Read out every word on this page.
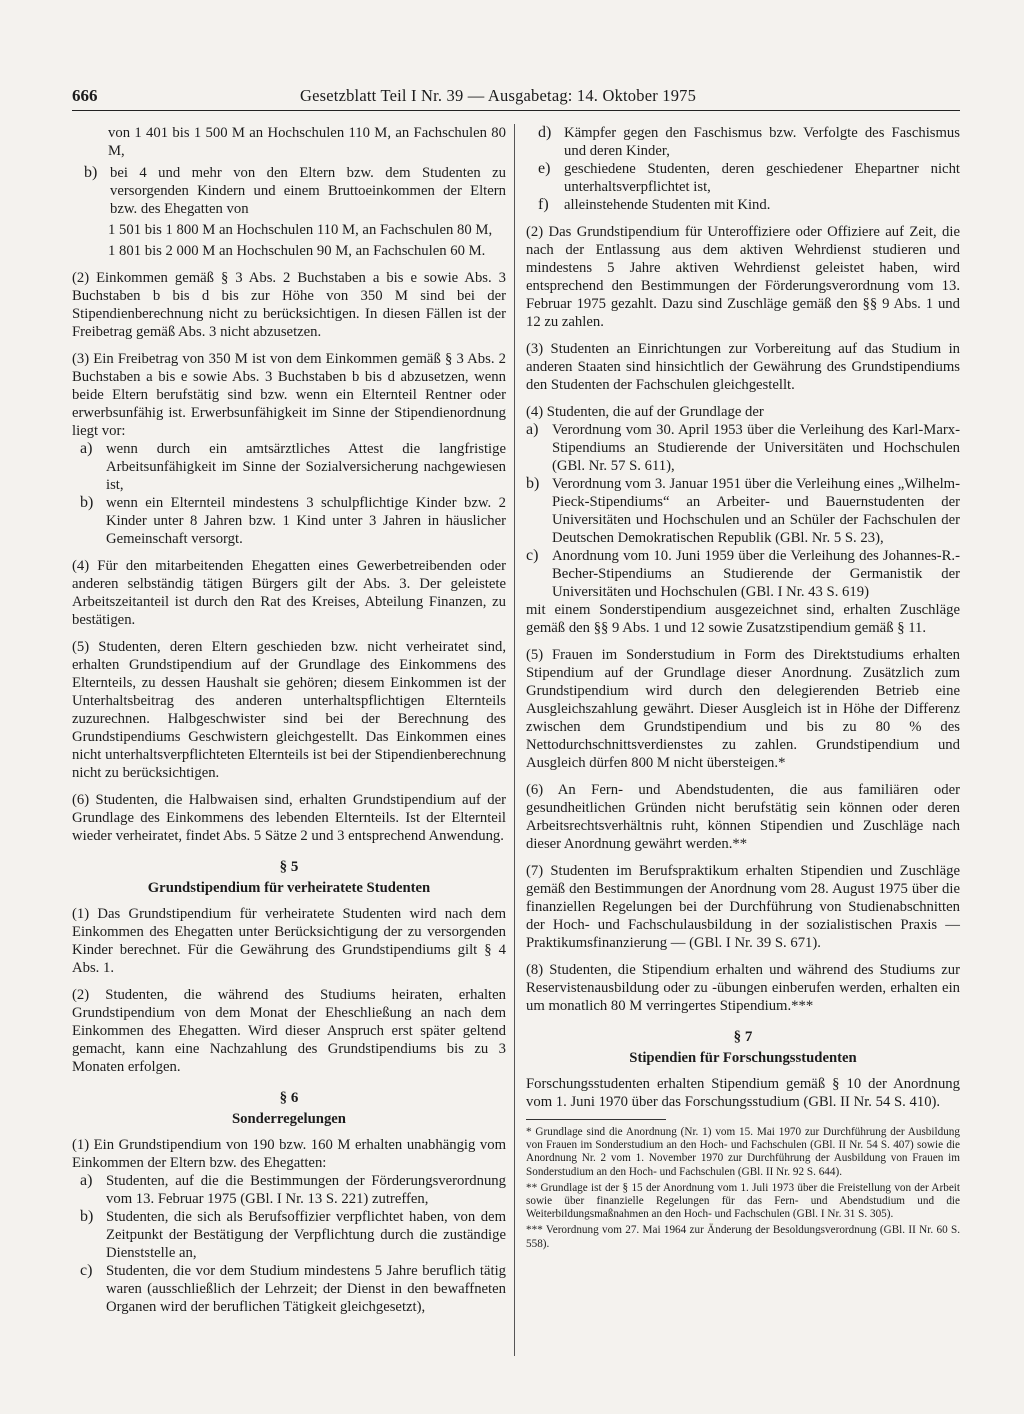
666	Gesetzblatt Teil I Nr. 39 — Ausgabetag: 14. Oktober 1975

von 1 401 bis 1 500 M an Hochschulen 110 M, an Fachschulen 80 M,

b) bei 4 und mehr von den Eltern bzw. dem Studenten zu versorgenden Kindern und einem Bruttoeinkommen der Eltern bzw. des Ehegatten von

1 501 bis 1 800 M an Hochschulen 110 M, an Fachschulen 80 M,

1 801 bis 2 000 M an Hochschulen 90 M, an Fachschulen 60 M.

(2) Einkommen gemäß § 3 Abs. 2 Buchstaben a bis e sowie Abs. 3 Buchstaben b bis d bis zur Höhe von 350 M sind bei der Stipendienberechnung nicht zu berücksichtigen. In diesen Fällen ist der Freibetrag gemäß Abs. 3 nicht abzusetzen.

(3) Ein Freibetrag von 350 M ist von dem Einkommen gemäß § 3 Abs. 2 Buchstaben a bis e sowie Abs. 3 Buchstaben b bis d abzusetzen, wenn beide Eltern berufstätig sind bzw. wenn ein Elternteil Rentner oder erwerbsunfähig ist. Erwerbsunfähigkeit im Sinne der Stipendienordnung liegt vor:

a) wenn durch ein amtsärztliches Attest die langfristige Arbeitsunfähigkeit im Sinne der Sozialversicherung nachgewiesen ist,

b) wenn ein Elternteil mindestens 3 schulpflichtige Kinder bzw. 2 Kinder unter 8 Jahren bzw. 1 Kind unter 3 Jahren in häuslicher Gemeinschaft versorgt.

(4) Für den mitarbeitenden Ehegatten eines Gewerbetreibenden oder anderen selbständig tätigen Bürgers gilt der Abs. 3. Der geleistete Arbeitszeitanteil ist durch den Rat des Kreises, Abteilung Finanzen, zu bestätigen.

(5) Studenten, deren Eltern geschieden bzw. nicht verheiratet sind, erhalten Grundstipendium auf der Grundlage des Einkommens des Elternteils, zu dessen Haushalt sie gehören; diesem Einkommen ist der Unterhaltsbeitrag des anderen unterhaltspflichtigen Elternteils zuzurechnen. Halbgeschwister sind bei der Berechnung des Grundstipendiums Geschwistern gleichgestellt. Das Einkommen eines nicht unterhaltsverpflichteten Elternteils ist bei der Stipendienberechnung nicht zu berücksichtigen.

(6) Studenten, die Halbwaisen sind, erhalten Grundstipendium auf der Grundlage des Einkommens des lebenden Elternteils. Ist der Elternteil wieder verheiratet, findet Abs. 5 Sätze 2 und 3 entsprechend Anwendung.

§ 5
Grundstipendium für verheiratete Studenten

(1) Das Grundstipendium für verheiratete Studenten wird nach dem Einkommen des Ehegatten unter Berücksichtigung der zu versorgenden Kinder berechnet. Für die Gewährung des Grundstipendiums gilt § 4 Abs. 1.

(2) Studenten, die während des Studiums heiraten, erhalten Grundstipendium von dem Monat der Eheschließung an nach dem Einkommen des Ehegatten. Wird dieser Anspruch erst später geltend gemacht, kann eine Nachzahlung des Grundstipendiums bis zu 3 Monaten erfolgen.

§ 6
Sonderregelungen

(1) Ein Grundstipendium von 190 bzw. 160 M erhalten unabhängig vom Einkommen der Eltern bzw. des Ehegatten:

a) Studenten, auf die die Bestimmungen der Förderungsverordnung vom 13. Februar 1975 (GBl. I Nr. 13 S. 221) zutreffen,

b) Studenten, die sich als Berufsoffizier verpflichtet haben, von dem Zeitpunkt der Bestätigung der Verpflichtung durch die zuständige Dienststelle an,

c) Studenten, die vor dem Studium mindestens 5 Jahre beruflich tätig waren (ausschließlich der Lehrzeit; der Dienst in den bewaffneten Organen wird der beruflichen Tätigkeit gleichgesetzt),

d) Kämpfer gegen den Faschismus bzw. Verfolgte des Faschismus und deren Kinder,

e) geschiedene Studenten, deren geschiedener Ehepartner nicht unterhaltsverpflichtet ist,

f)	alleinstehende Studenten mit Kind.

(2) Das Grundstipendium für Unteroffiziere oder Offiziere auf Zeit, die nach der Entlassung aus dem aktiven Wehrdienst studieren und mindestens 5 Jahre aktiven Wehrdienst geleistet haben, wird entsprechend den Bestimmungen der Förderungsverordnung vom 13. Februar 1975 gezahlt. Dazu sind Zuschläge gemäß den §§ 9 Abs. 1 und 12 zu zahlen.

(3) Studenten an Einrichtungen zur Vorbereitung auf das Studium in anderen Staaten sind hinsichtlich der Gewährung des Grundstipendiums den Studenten der Fachschulen gleichgestellt.

(4) Studenten, die auf der Grundlage der

a) Verordnung vom 30. April 1953 über die Verleihung des Karl-Marx-Stipendiums an Studierende der Universitäten und Hochschulen (GBl. Nr. 57 S. 611),

b) Verordnung vom 3. Januar 1951 über die Verleihung eines „Wilhelm-Pieck-Stipendiums“ an Arbeiter- und Bauernstudenten der Universitäten und Hochschulen und an Schüler der Fachschulen der Deutschen Demokratischen Republik (GBl. Nr. 5 S. 23),

c) Anordnung vom 10. Juni 1959 über die Verleihung des Johannes-R.-Becher-Stipendiums an Studierende der Germanistik der Universitäten und Hochschulen (GBl. I Nr. 43 S. 619)

mit einem Sonderstipendium ausgezeichnet sind, erhalten Zuschläge gemäß den §§ 9 Abs. 1 und 12 sowie Zusatzstipendium gemäß § 11.

(5) Frauen im Sonderstudium in Form des Direktstudiums erhalten Stipendium auf der Grundlage dieser Anordnung. Zusätzlich zum Grundstipendium wird durch den delegierenden Betrieb eine Ausgleichszahlung gewährt. Dieser Ausgleich ist in Höhe der Differenz zwischen dem Grundstipendium und bis zu 80 % des Nettodurchschnittsverdienstes zu zahlen. Grundstipendium und Ausgleich dürfen 800 M nicht übersteigen.*

(6) An Fern- und Abendstudenten, die aus familiären oder gesundheitlichen Gründen nicht berufstätig sein können oder deren Arbeitsrechtsverhältnis ruht, können Stipendien und Zuschläge nach dieser Anordnung gewährt werden.**

(7) Studenten im Berufspraktikum erhalten Stipendien und Zuschläge gemäß den Bestimmungen der Anordnung vom 28. August 1975 über die finanziellen Regelungen bei der Durchführung von Studienabschnitten der Hoch- und Fachschulausbildung in der sozialistischen Praxis — Praktikumsfinanzierung — (GBl. I Nr. 39 S. 671).

(8) Studenten, die Stipendium erhalten und während des Studiums zur Reservistenausbildung oder zu -übungen einberufen werden, erhalten ein um monatlich 80 M verringertes Stipendium.***

§ 7
Stipendien für Forschungsstudenten

Forschungsstudenten erhalten Stipendium gemäß § 10 der Anordnung vom 1. Juni 1970 über das Forschungsstudium (GBl. II Nr. 54 S. 410).

* Grundlage sind die Anordnung (Nr. 1) vom 15. Mai 1970 zur Durchführung der Ausbildung von Frauen im Sonderstudium an den Hoch- und Fachschulen (GBl. II Nr. 54 S. 407) sowie die Anordnung Nr. 2 vom 1. November 1970 zur Durchführung der Ausbildung von Frauen im Sonderstudium an den Hoch- und Fachschulen (GBl. II Nr. 92 S. 644).

** Grundlage ist der § 15 der Anordnung vom 1. Juli 1973 über die Freistellung von der Arbeit sowie über finanzielle Regelungen für das Fern- und Abendstudium und die Weiterbildungsmaßnahmen an den Hoch- und Fachschulen (GBl. I Nr. 31 S. 305).

*** Verordnung vom 27. Mai 1964 zur Änderung der Besoldungsverordnung (GBl. II Nr. 60 S. 558).
